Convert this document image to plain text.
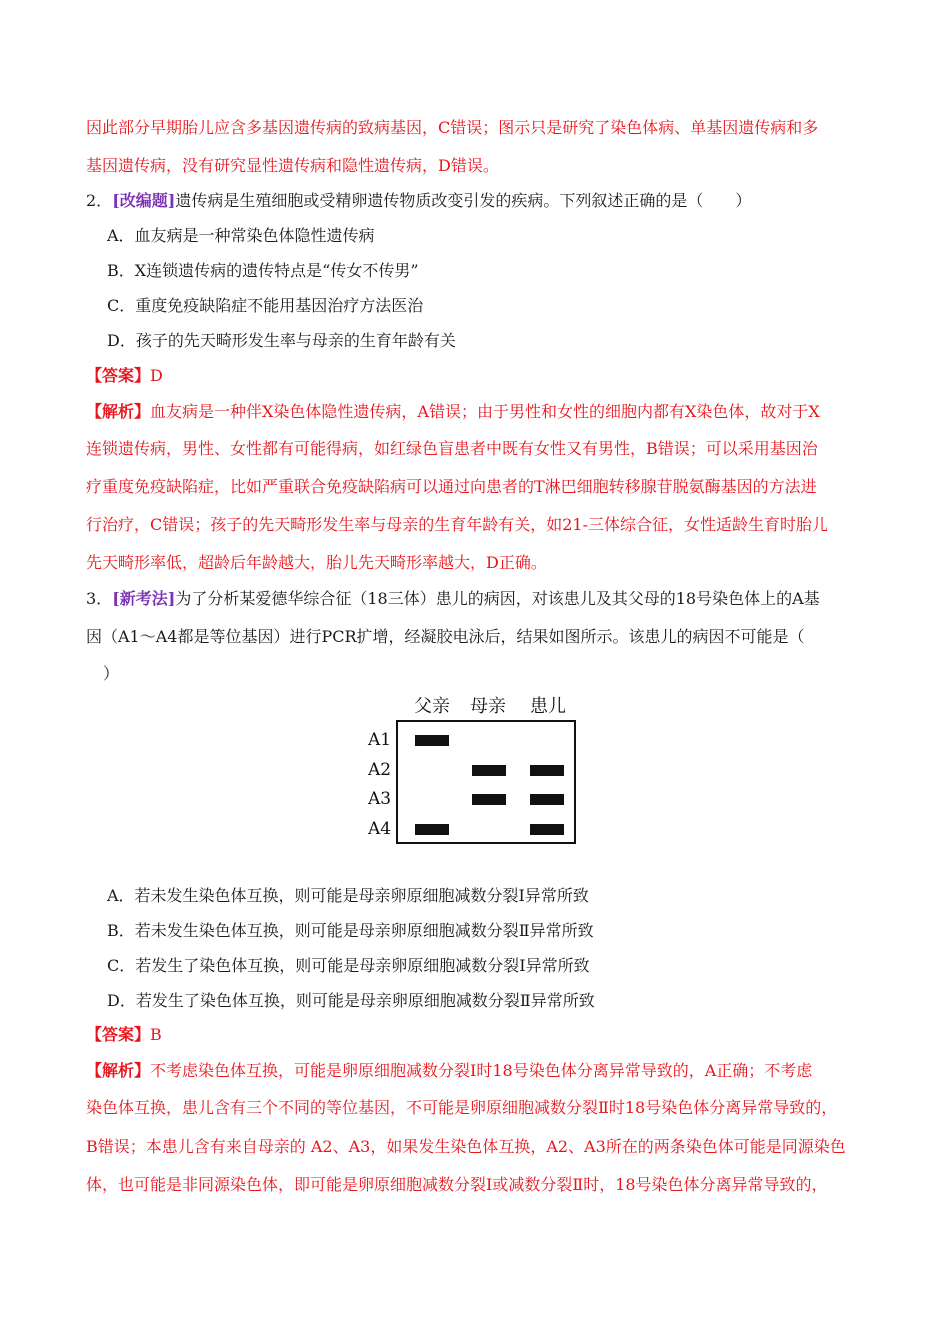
因此部分早期胎儿应含多基因遗传病的致病基因，C错误；图示只是研究了染色体病、单基因遗传病和多
基因遗传病，没有研究显性遗传病和隐性遗传病，D错误。
2．[改编题]遗传病是生殖细胞或受精卵遗传物质改变引发的疾病。下列叙述正确的是（　　）
A．血友病是一种常染色体隐性遗传病
B．X连锁遗传病的遗传特点是“传女不传男”
C．重度免疫缺陷症不能用基因治疗方法医治
D．孩子的先天畸形发生率与母亲的生育年龄有关
【答案】D
【解析】血友病是一种伴X染色体隐性遗传病，A错误；由于男性和女性的细胞内都有X染色体，故对于X
连锁遗传病，男性、女性都有可能得病，如红绿色盲患者中既有女性又有男性，B错误；可以采用基因治
疗重度免疫缺陷症，比如严重联合免疫缺陷病可以通过向患者的T淋巴细胞转移腺苷脱氨酶基因的方法进
行治疗，C错误；孩子的先天畸形发生率与母亲的生育年龄有关，如21-三体综合征，女性适龄生育时胎儿
先天畸形率低，超龄后年龄越大，胎儿先天畸形率越大，D正确。
3．[新考法]为了分析某爱德华综合征（18三体）患儿的病因，对该患儿及其父母的18号染色体上的A基
因（A1～A4都是等位基因）进行PCR扩增，经凝胶电泳后，结果如图所示。该患儿的病因不可能是（
）
父亲 母亲 患儿
A1
A2
A3
A4
A．若未发生染色体互换，则可能是母亲卵原细胞减数分裂Ⅰ异常所致
B．若未发生染色体互换，则可能是母亲卵原细胞减数分裂Ⅱ异常所致
C．若发生了染色体互换，则可能是母亲卵原细胞减数分裂Ⅰ异常所致
D．若发生了染色体互换，则可能是母亲卵原细胞减数分裂Ⅱ异常所致
【答案】B
【解析】不考虑染色体互换，可能是卵原细胞减数分裂Ⅰ时18号染色体分离异常导致的，A正确；不考虑
染色体互换，患儿含有三个不同的等位基因，不可能是卵原细胞减数分裂Ⅱ时18号染色体分离异常导致的，
B错误；本患儿含有来自母亲的 A2、A3，如果发生染色体互换，A2、A3所在的两条染色体可能是同源染色
体，也可能是非同源染色体，即可能是卵原细胞减数分裂Ⅰ或减数分裂Ⅱ时，18号染色体分离异常导致的，
